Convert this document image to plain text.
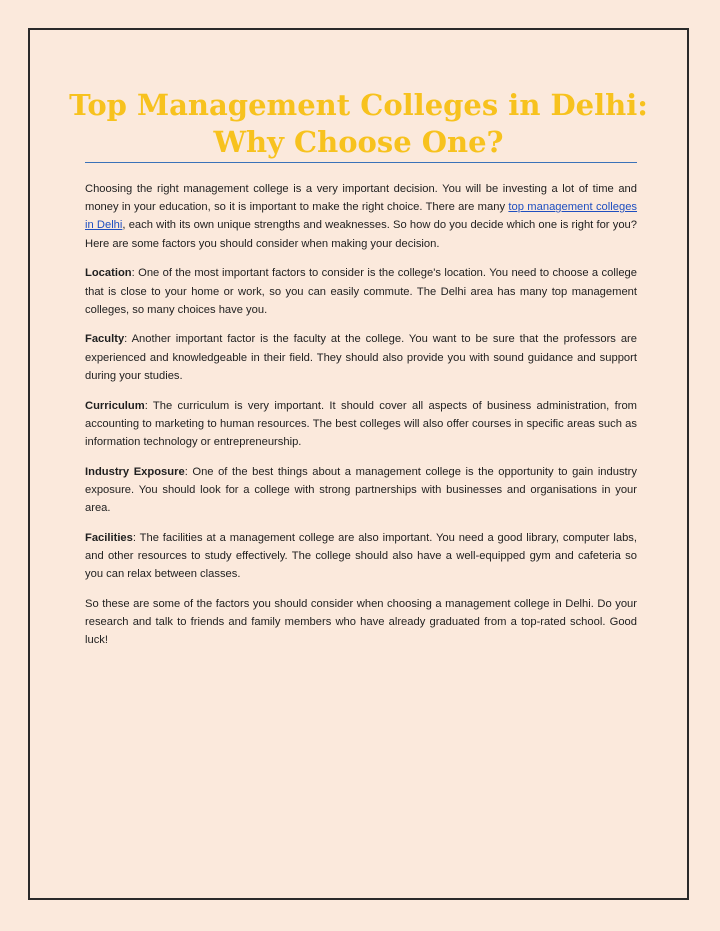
Top Management Colleges in Delhi:
Why Choose One?

Choosing the right management college is a very important decision. You will be investing a lot of time and money in your education, so it is important to make the right choice. There are many top management colleges in Delhi, each with its own unique strengths and weaknesses. So how do you decide which one is right for you? Here are some factors you should consider when making your decision.

Location: One of the most important factors to consider is the college's location. You need to choose a college that is close to your home or work, so you can easily commute. The Delhi area has many top management colleges, so many choices have you.

Faculty: Another important factor is the faculty at the college. You want to be sure that the professors are experienced and knowledgeable in their field. They should also provide you with sound guidance and support during your studies.

Curriculum: The curriculum is very important. It should cover all aspects of business administration, from accounting to marketing to human resources. The best colleges will also offer courses in specific areas such as information technology or entrepreneurship.

Industry Exposure: One of the best things about a management college is the opportunity to gain industry exposure. You should look for a college with strong partnerships with businesses and organisations in your area.

Facilities: The facilities at a management college are also important. You need a good library, computer labs, and other resources to study effectively. The college should also have a well-equipped gym and cafeteria so you can relax between classes.

So these are some of the factors you should consider when choosing a management college in Delhi. Do your research and talk to friends and family members who have already graduated from a top-rated school. Good luck!
